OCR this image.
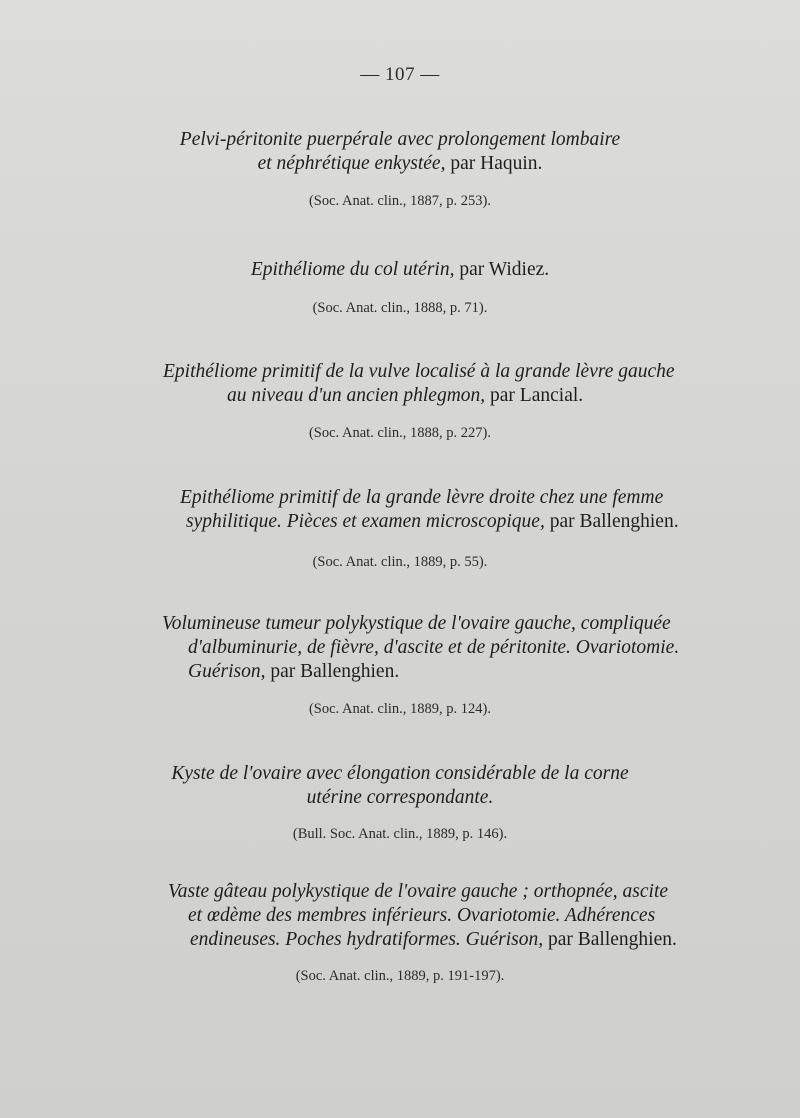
— 107 —
Pelvi-péritonite puerpérale avec prolongement lombaire
et néphrétique enkystée, par Haquin.
(Soc. Anat. clin., 1887, p. 253).
Epithéliome du col utérin, par Widiez.
(Soc. Anat. clin., 1888, p. 71).
Epithéliome primitif de la vulve localisé à la grande lèvre gauche
au niveau d'un ancien phlegmon, par Lancial.
(Soc. Anat. clin., 1888, p. 227).
Epithéliome primitif de la grande lèvre droite chez une femme
syphilitique. Pièces et examen microscopique, par Ballenghien.
(Soc. Anat. clin., 1889, p. 55).
Volumineuse tumeur polykystique de l'ovaire gauche, compliquée
d'albuminurie, de fièvre, d'ascite et de péritonite. Ovariotomie.
Guérison, par Ballenghien.
(Soc. Anat. clin., 1889, p. 124).
Kyste de l'ovaire avec élongation considérable de la corne
utérine correspondante.
(Bull. Soc. Anat. clin., 1889, p. 146).
Vaste gâteau polykystique de l'ovaire gauche ; orthopnée, ascite
et œdème des membres inférieurs. Ovariotomie. Adhérences
endineuses. Poches hydratiformes. Guérison, par Ballenghien.
(Soc. Anat. clin., 1889, p. 191-197).
